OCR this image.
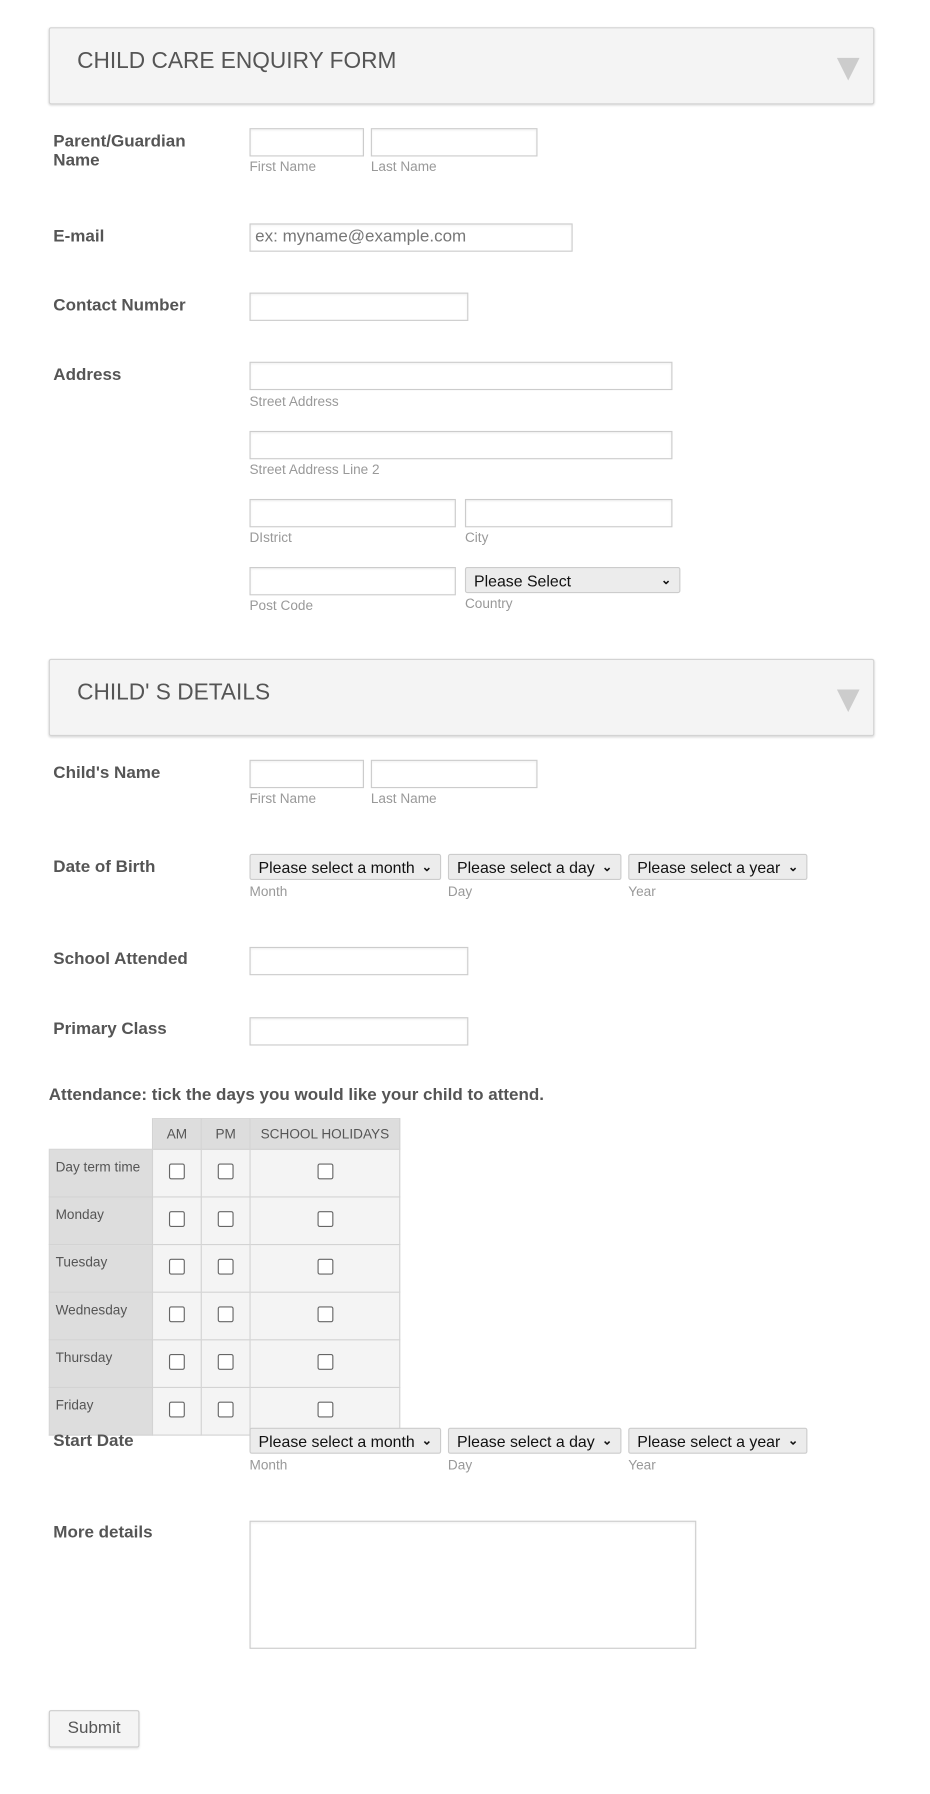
CHILD CARE ENQUIRY FORM
Parent/Guardian Name	First Name	Last Name
E-mail	ex: myname@example.com
Contact Number
Address
Street Address
Street Address Line 2
DIstrict	City
Please Select	⌄
Post Code	Country
CHILD' S DETAILS
Child's Name
First Name	Last Name
Date of Birth	Please select a month ⌄ Please select a day ⌄ Please select a year ⌄
Month	Day	Year
School Attended
Primary Class
Attendance: tick the days you would like your child to attend.
	AM	PM	SCHOOL HOLIDAYS
Day term time			
Monday			
Tuesday			
Wednesday			
Thursday			
Friday			
Start Date	Please select a month ⌄ Please select a day ⌄ Please select a year ⌄
Month	Day	Year
More details
Submit
